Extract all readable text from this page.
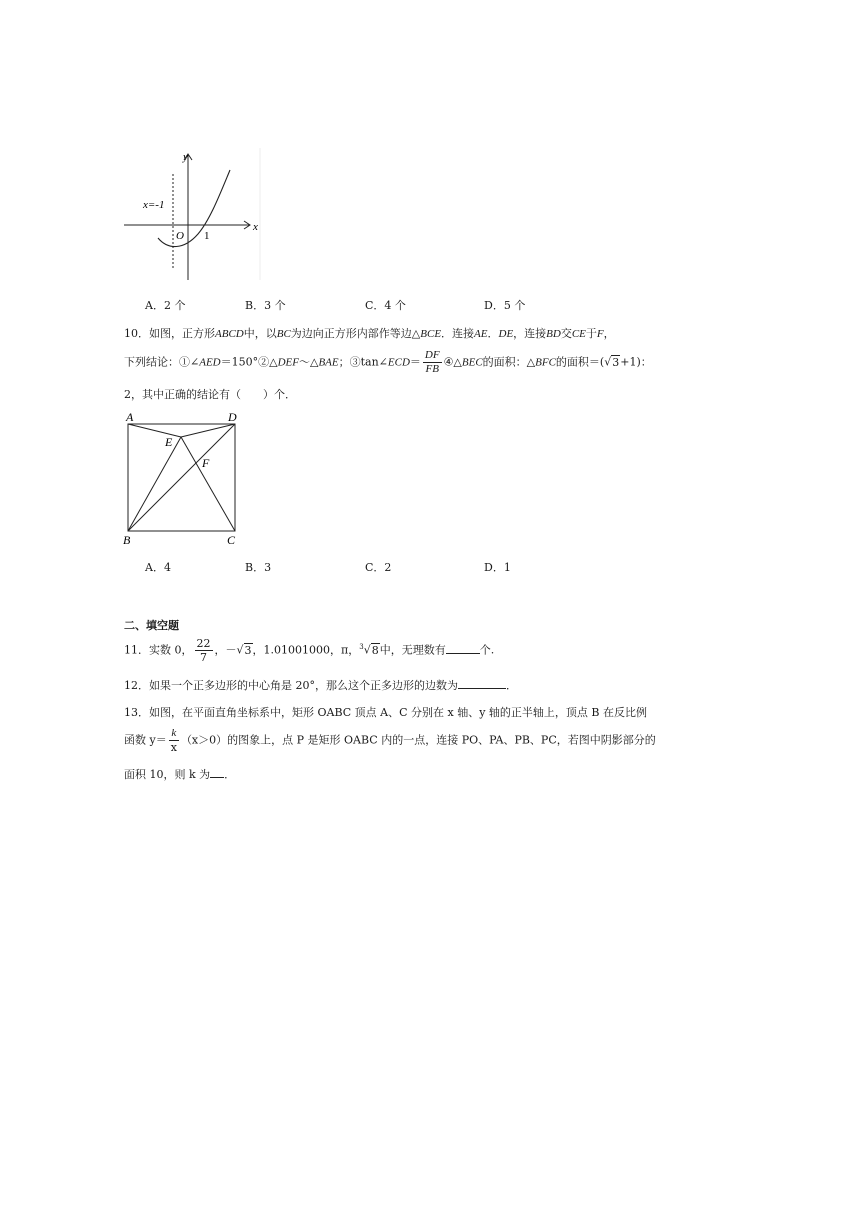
x=-1
O 1
x
y
A．2 个	B．3 个	C．4 个	D．5 个
10．如图，正方形ABCD中，以BC为边向正方形内部作等边△BCE．连接AE．DE，连接BD交CE于F，
下列结论：①∠AED＝150°②△DEF～△BAE；③tan∠ECD＝ $\frac{DF}{FB}$ ④△BEC的面积：△BFC的面积＝(√3+1)：
2，其中正确的结论有（　　）个．
A	D
E
F
B	C
A．4	B．3	C．2	D．1
二、填空题
11．实数 0， $\frac{22}{7}$ ，－√3，1.01001000，π，$^3$√8中，无理数有	个.
12．如果一个正多边形的中心角是 20°，那么这个正多边形的边数为	．
13．如图，在平面直角坐标系中，矩形 OABC 顶点 A、C 分别在 x 轴、y 轴的正半轴上，顶点 B 在反比例
函数 $y= \frac{k}{x} (x>0)$的图象上，点 P 是矩形 OABC 内的一点，连接 PO、PA、PB、PC，若图中阴影部分的
面积 10，则 k 为 ．
